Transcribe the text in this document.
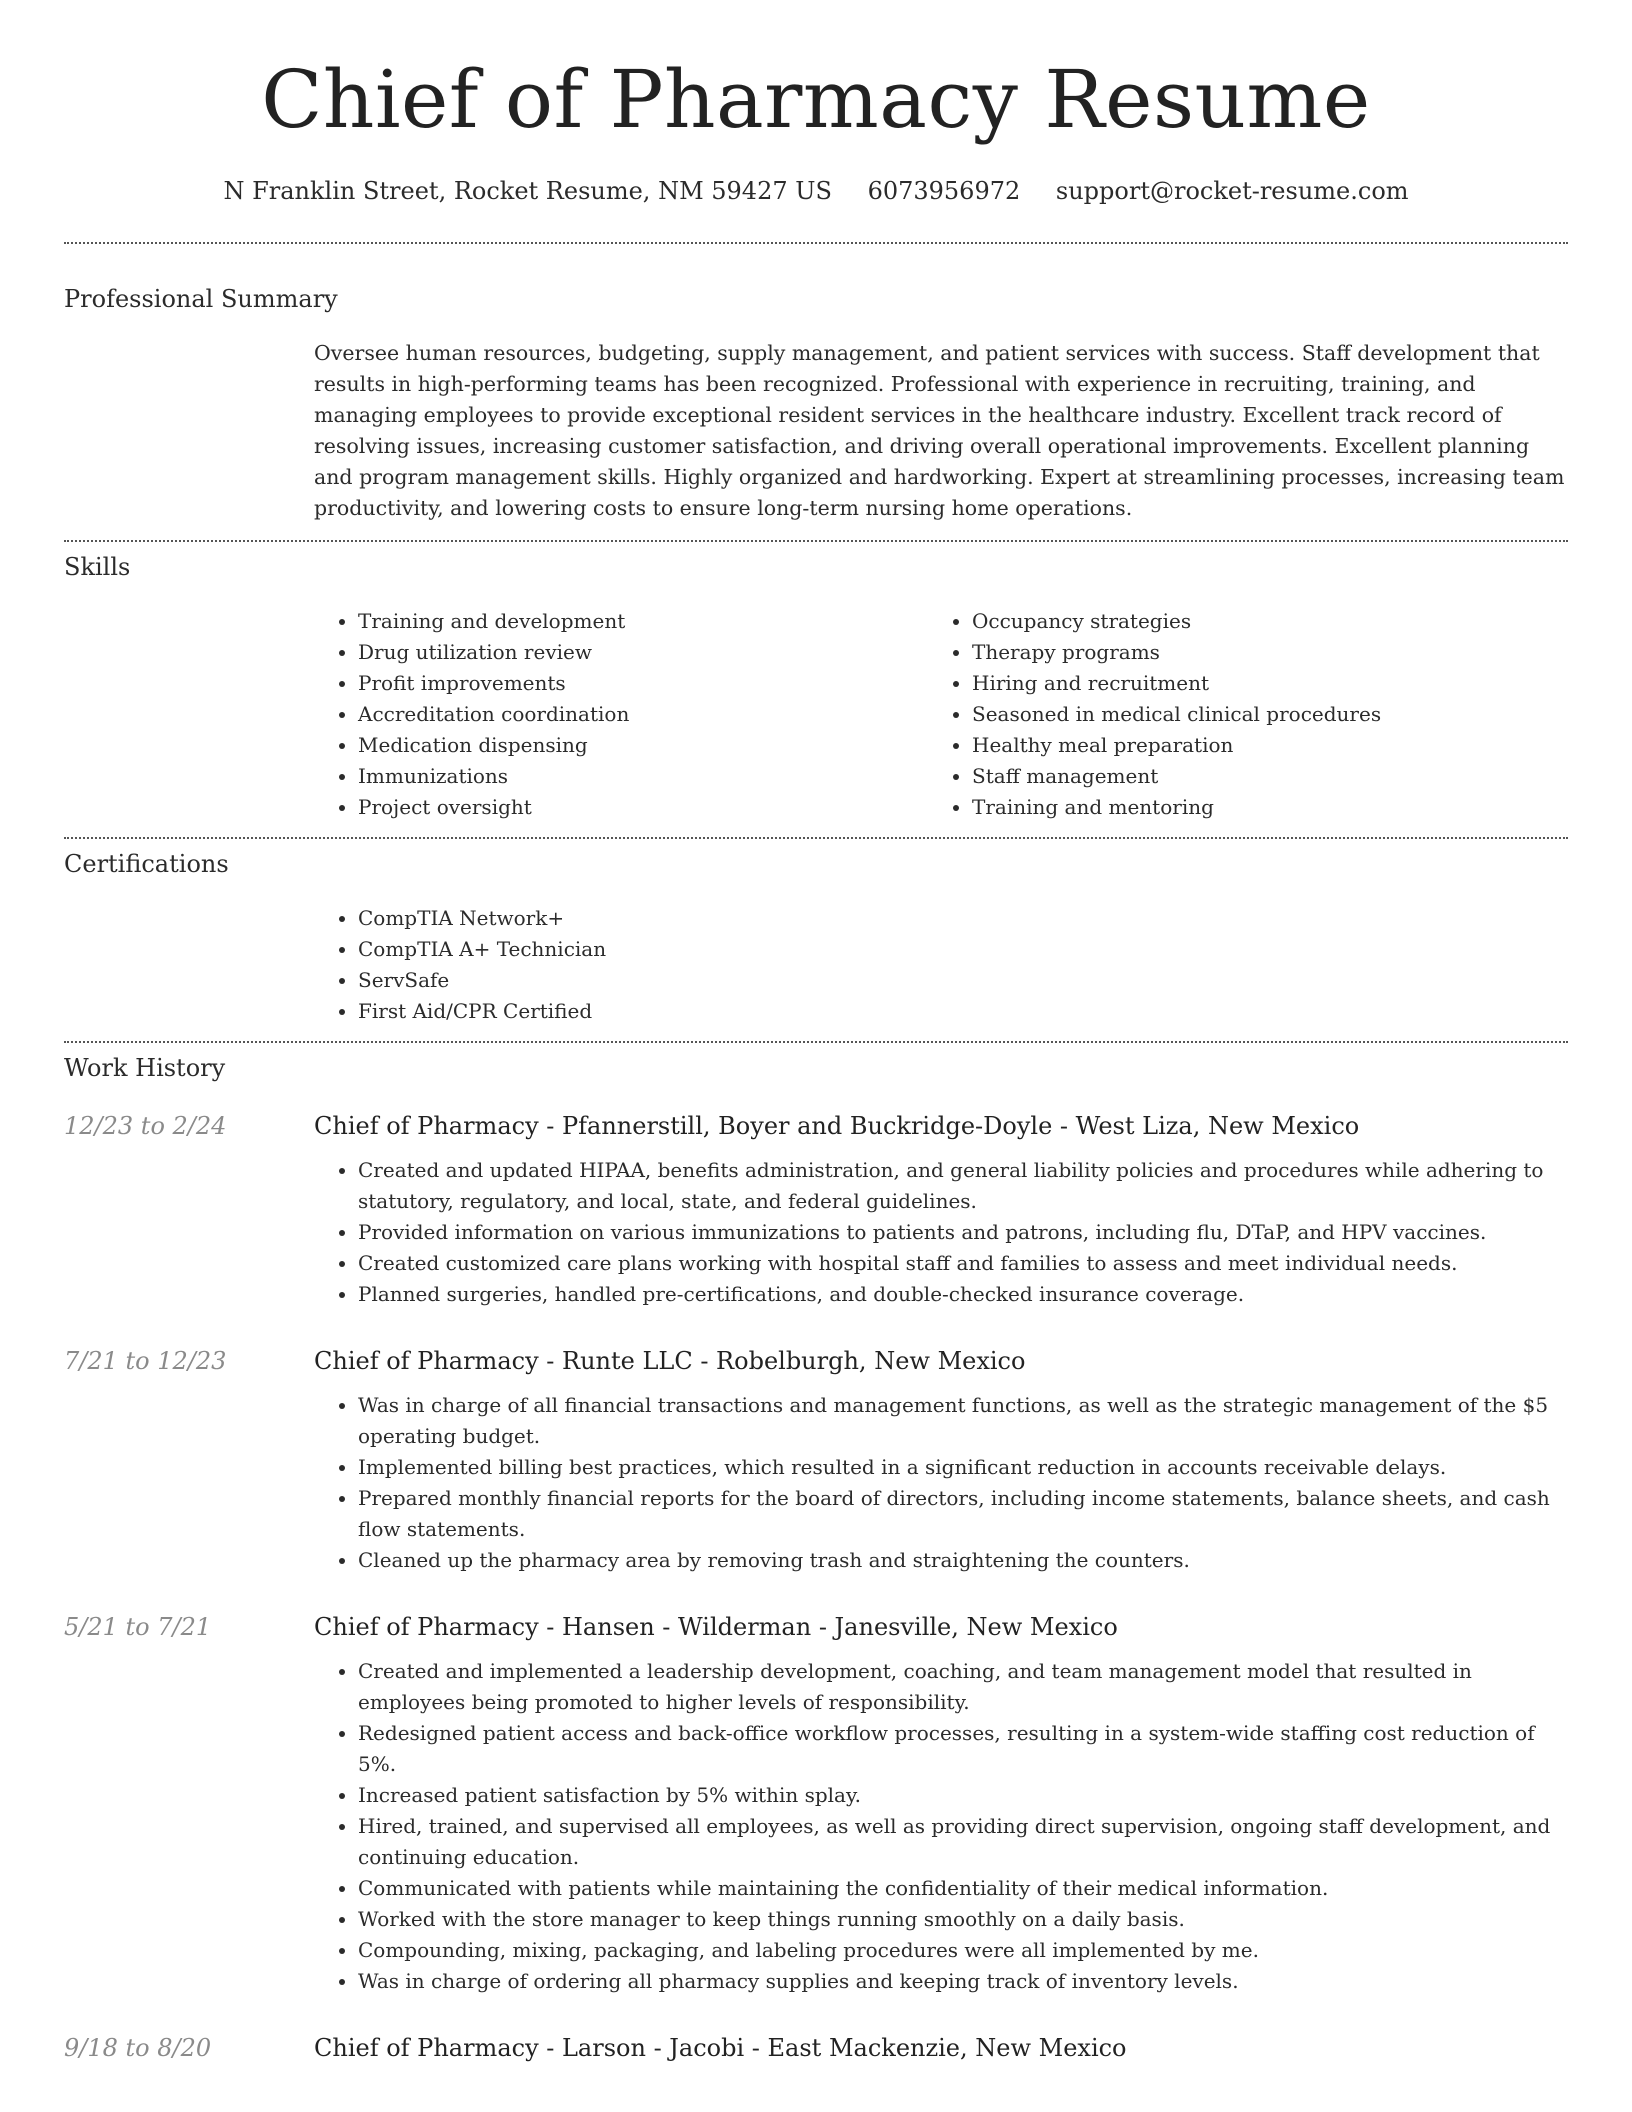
Chief of Pharmacy Resume
N Franklin Street, Rocket Resume, NM 59427 US 6073956972 support@rocket-resume.com
Professional Summary
Oversee human resources, budgeting, supply management, and patient services with success. Staff development that results in high-performing teams has been recognized. Professional with experience in recruiting, training, and managing employees to provide exceptional resident services in the healthcare industry. Excellent track record of resolving issues, increasing customer satisfaction, and driving overall operational improvements. Excellent planning and program management skills. Highly organized and hardworking. Expert at streamlining processes, increasing team productivity, and lowering costs to ensure long-term nursing home operations.
Skills
• Training and development
• Drug utilization review
• Profit improvements
• Accreditation coordination
• Medication dispensing
• Immunizations
• Project oversight
• Occupancy strategies
• Therapy programs
• Hiring and recruitment
• Seasoned in medical clinical procedures
• Healthy meal preparation
• Staff management
• Training and mentoring
Certifications
• CompTIA Network+
• CompTIA A+ Technician
• ServSafe
• First Aid/CPR Certified
Work History
12/23 to 2/24	Chief of Pharmacy - Pfannerstill, Boyer and Buckridge-Doyle - West Liza, New Mexico
• Created and updated HIPAA, benefits administration, and general liability policies and procedures while adhering to statutory, regulatory, and local, state, and federal guidelines.
• Provided information on various immunizations to patients and patrons, including flu, DTaP, and HPV vaccines.
• Created customized care plans working with hospital staff and families to assess and meet individual needs.
• Planned surgeries, handled pre-certifications, and double-checked insurance coverage.
7/21 to 12/23	Chief of Pharmacy - Runte LLC - Robelburgh, New Mexico
• Was in charge of all financial transactions and management functions, as well as the strategic management of the $5 operating budget.
• Implemented billing best practices, which resulted in a significant reduction in accounts receivable delays.
• Prepared monthly financial reports for the board of directors, including income statements, balance sheets, and cash flow statements.
• Cleaned up the pharmacy area by removing trash and straightening the counters.
5/21 to 7/21	Chief of Pharmacy - Hansen - Wilderman - Janesville, New Mexico
• Created and implemented a leadership development, coaching, and team management model that resulted in employees being promoted to higher levels of responsibility.
• Redesigned patient access and back-office workflow processes, resulting in a system-wide staffing cost reduction of 5%.
• Increased patient satisfaction by 5% within splay.
• Hired, trained, and supervised all employees, as well as providing direct supervision, ongoing staff development, and continuing education.
• Communicated with patients while maintaining the confidentiality of their medical information.
• Worked with the store manager to keep things running smoothly on a daily basis.
• Compounding, mixing, packaging, and labeling procedures were all implemented by me.
• Was in charge of ordering all pharmacy supplies and keeping track of inventory levels.
9/18 to 8/20	Chief of Pharmacy - Larson - Jacobi - East Mackenzie, New Mexico
